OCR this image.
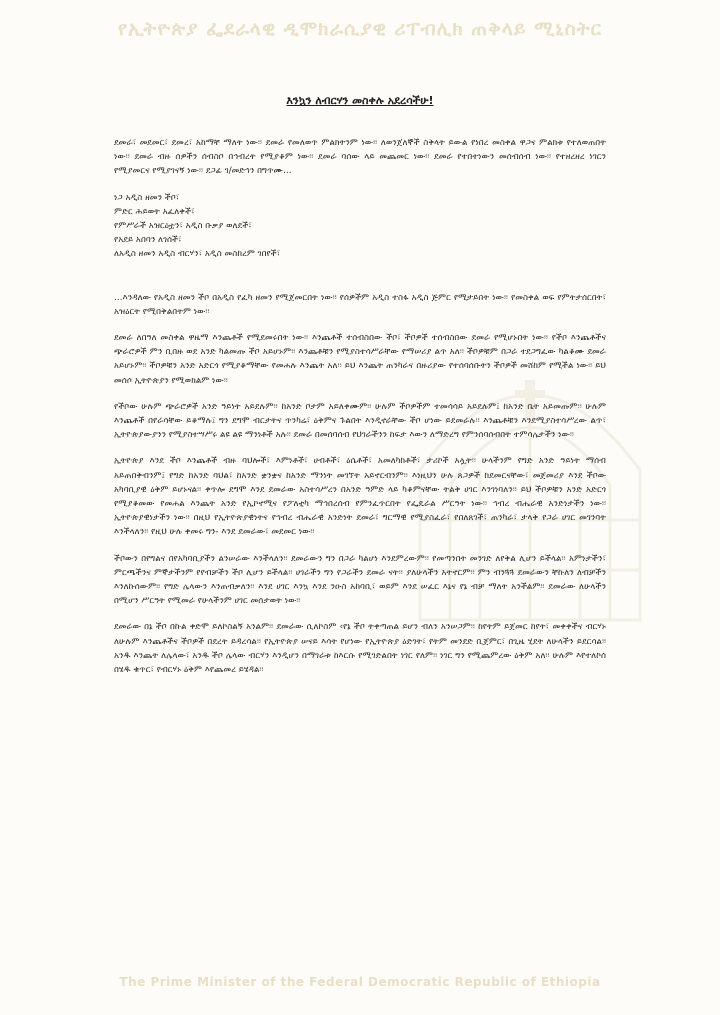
የኢትዮጵያ ፌደራላዊ ዲሞክራሲያዊ ሪፐብሊክ ጠቅላይ ሚኒስትር
እንኳን ለብርሃን መስቀሉ አደረሳችሁ!

ደመራ፣ መደመር፣ ደመረ፣ አከማቸ ማለት ነው፡፡ ደመራ የመለወጥ ምልክትንም ነው፡፡ ለወንጀለኞች ስቅላት ይውል የነበረ መስቀል ዋጋና ምልክቱ የተለወጠበት ነው፡፡ ደመራ ብዙ ሰዎችን ሰብስቦ በኅብረት የሚያቆም ነው፡፡ ደመራ ባሰው ላይ መጨመር ነው፡፡ ደመራ የተበተነውን መሰብሰብ ነው፡፡ የተዘረዘረ ነገርን የሚያመርና የሚያገናኝ ነው፡፡ ደጋፊ ገ/መድኅን በግጥሙ…

ነጋ አዲስ ዘመን ችቦ፣
ምድር ሕይወት አፈለቀች፣
የምሥራች አዝርዕቷን፣ አዲስ ቡቃያ ወለደች፣
የአደይ አበባን ለገሰች፣
ለአዲስ ዘመን አዲስ ብርሃን፣ አዲስ መስከረም ገበየች፣

…እንዳለው የአዲስ ዘመን ችቦ በአዲስ የፈካ ዘመን የሚጀመርበት ነው፡፡ የሰዎችም አዲስ ተስፋ አዲስ ጅምር የሚታይበት ነው፡፡ የመስቀል ወፍ የምትታሰርበት፣ አዝዕርት የሚበቅልበትም ነው፡፡

ደመራ ለበዓለ መስቀል ዋዜማ እንጨቶች የሚደመሩበት ነው፡፡ እንጨቶች ተሰብስበው ችቦ፣ ችቦዎች ተሰብስበው ደመራ የሚሆኑበት ነው፡፡ የችቦ እንጨቶችና ጭራሮዎች ምን ቢበዙ ወደ አንድ ካልመጡ ችቦ አይሆኑም፡፡ እንጨቶቹን የሚያስተሳሥራቸው የማሠሪያ ልጥ አለ፡፡ ችቦዎቹም በጋራ ተደጋግፈው ካልቆሙ ደመራ አይሆኑም፡፡ ችቦዎቹን አንድ አድርጎ የሚያቆማቸው የመሐሉ እንጨት አለ፡፡ ይህ እንጨት ጠንካራና በዙሪያው የተሰባሰቡትን ችቦዎች መሸከም የሚችል ነው፡፡ ይህ መሰሶ ኢትዮጵያን የሚወክልም ነው፡፡

የችቦው ሁሉም ጭራሮዎች አንድ ዓይነት አይደሉም፡፡ ከአንድ ቦታም አይለቀሙም፡፡ ሁሉም ችቦዎችም ተመሳሳይ አይደሉም፤ ከአንድ ቤት አይመጡም፡፡ ሁሉም እንጨቶች በየራሳቸው ይቆማሉ፤ ግን ደግሞ ብርታትና ጥንካሬ፣ ዕቅምና ጉልበት እንዲኖራቸው ችቦ ሆነው ይደመራሉ፡፡ እንጨቶቹን እንደሚያስተሳሥረው ልጥ፣ ኢትዮጵያውያንን የሚያስተሣሥሩ ልዩ ልዩ ማንነቶች አሉ፡፡ ደመራ በመሰባሰብ የህገራችንን ከፍታ እውን ለማድረግ የምንሰባሰብበት ተምሳሌታችን ነው፡፡

ኢትዮጵያ እንደ ችቦ እንጨቶች ብዙ ባህሎች፣ እምነቶች፣ ሀብቶች፣ ዕሴቶች፣ አመለካከቶች፣ ታሪኮች አሏት፡፡ ሁላችንም የግድ አንድ ዓይነት ማሰብ አይጠበቅብንም፤ የግድ ከአንድ ባህል፣ ከአንድ ቋንቋና ከአንድ ማንነት መገኘት አይኖርብንም፡፡ እነዚህን ሁሉ ጸጋዎች ከደመርናቸው፣ መጀመሪያ እንደ ችቦው አካባቢያዊ ዕቅም ይሆኑናል፡፡ ቀጥሎ ደግሞ እንደ ደመራው አስተሳሥረን በአንድ ዓምድ ላይ ካቆምናቸው ትልቅ ሀገር እንገነባለን፡፡ ይህ ችቦዎቹን አንድ አድርጎ የሚያቆመው የመሐል እንጨት አንድ የኢኮኖሚና የፖለቲካ ማኅበረሰብ የምንፈጥርበት የፌዴራል ሥርዓት ነው፡፡ ኅብረ ብሔራዊ አንድነታችን ነው፡፡ ኢትዮጵያዊነታችን ነው፡፡ በዚህ የኢትዮጵያዊነትና የኅብረ ብሔራዊ አንድነት ደመራ፣ ግርማዊ የሚያስፈራ፣ የበለጸገች፣ ጠንካራ፣ ታላቅ የጋራ ሀገር መገንባት እንችላለን፡፡ የዚህ ሁሉ ቀመሩ ግን- እንደ ደመራው፣ መደመር ነው፡፡

ችቦውን በየግልና በየአካባቢያችን ልንሠራው እንችላለን፡፡ ደመራውን ግን በጋራ ካልሆነ እንደምረውም፡፡ የመጣንበት መንገድ ለየቅል ሊሆን ይችላል፡፡ አምነታችን፣ ምርጫችንና ምኞታችንም የየብቻችን ችቦ ሊሆን ይችላል፡፡ ሀገራችን ግን የጋራችን ደመራ ናት፡፡ ያለሁላችን አትኖርም፡፡ ምን ብንጓጓ ደመራውን ቸኩለን ለብቻችን እንለኩሰውም፡፡ የግድ ሌላውን እንጠብቃለን፡፡ እንደ ሀገር እንኳ እንደ ንዑስ አከባቢ፣ ወይም እንደ ሠፈር እኔና የኔ ብቻ ማለት አንችልም፡፡ ደመራው ለሁላችን በሚሆን ሥርዓት የሚመራ የሁላችንም ሀገር መሰታወት ነው፡፡

ደመራው በኔ ችቦ በኩል ቀድሞ ይለኮስልኝ አንልም፡፡ ደመራው ሲለኮስም ‹የኔ ችቦ ትቀጣጠል ይሆን ብለን አንሠጋም፡፡ ከየትም ይጀመር ከየት፣ መቀቀችና ብርሃኑ ለሁሉም እንጨቶችና ችቦዎች በደረት ይዳረሳል፡፡ የኢትዮጵያ ሠናይ እሳት የሆነው የኢትዮጵያ ዕድገት፣ የትም መንደድ ቢጀምር፣ በጊዜ ሂደት ለሁላችን ይደርሳል፡፡ አንዱ እንጨት ለሌላው፣ አንዱ ችቦ ሌላው ብርሃን እንዲሆን በማገራቱ ከእርሱ የሚገድልበት ነገር የለም፡፡ ነገር ግን የሚጨምረው ዕቅም አለ፡፡ ሁሉም እየተለኮሰ በሄዱ ቁጥር፣ የብርሃኑ ዕቅም እየጨመረ ይሄዳል፡፡

The Prime Minister of the Federal Democratic Republic of Ethiopia
